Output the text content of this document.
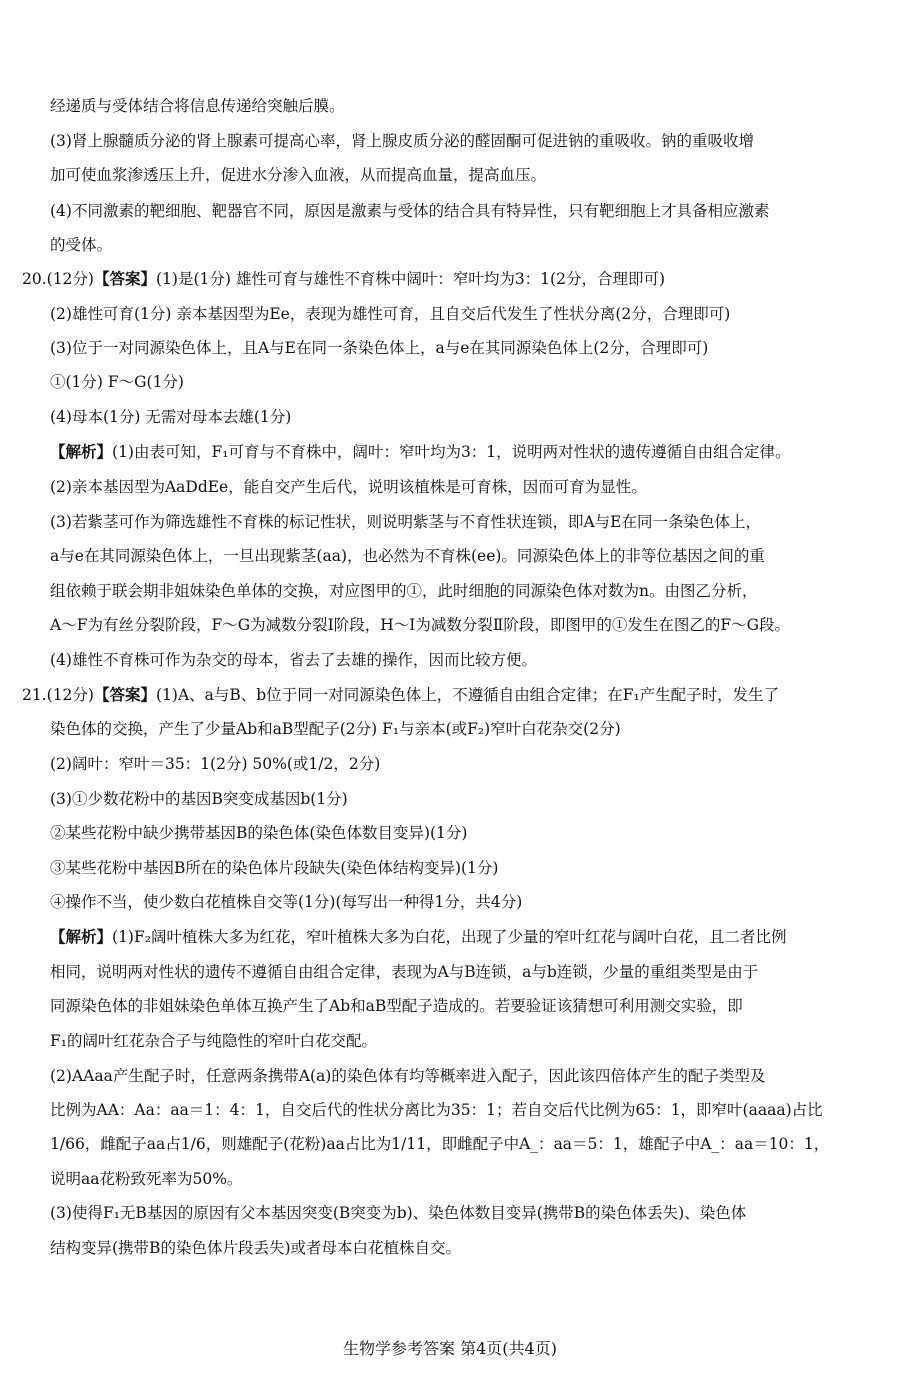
经递质与受体结合将信息传递给突触后膜。
(3)肾上腺髓质分泌的肾上腺素可提高心率，肾上腺皮质分泌的醛固酮可促进钠的重吸收。钠的重吸收增
加可使血浆渗透压上升，促进水分渗入血液，从而提高血量，提高血压。
(4)不同激素的靶细胞、靶器官不同，原因是激素与受体的结合具有特异性，只有靶细胞上才具备相应激素
的受体。
20.(12分)【答案】(1)是(1分) 雄性可育与雄性不育株中阔叶：窄叶均为3：1(2分，合理即可)
(2)雄性可育(1分) 亲本基因型为Ee，表现为雄性可育，且自交后代发生了性状分离(2分，合理即可)
(3)位于一对同源染色体上，且A与E在同一条染色体上，a与e在其同源染色体上(2分，合理即可)
①(1分) F～G(1分)
(4)母本(1分) 无需对母本去雄(1分)
【解析】(1)由表可知，F₁可育与不育株中，阔叶：窄叶均为3：1，说明两对性状的遗传遵循自由组合定律。
(2)亲本基因型为AaDdEe，能自交产生后代，说明该植株是可育株，因而可育为显性。
(3)若紫茎可作为筛选雄性不育株的标记性状，则说明紫茎与不育性状连锁，即A与E在同一条染色体上，
a与e在其同源染色体上，一旦出现紫茎(aa)，也必然为不育株(ee)。同源染色体上的非等位基因之间的重
组依赖于联会期非姐妹染色单体的交换，对应图甲的①，此时细胞的同源染色体对数为n。由图乙分析，
A～F为有丝分裂阶段，F～G为减数分裂Ⅰ阶段，H～I为减数分裂Ⅱ阶段，即图甲的①发生在图乙的F～G段。
(4)雄性不育株可作为杂交的母本，省去了去雄的操作，因而比较方便。
21.(12分)【答案】(1)A、a与B、b位于同一对同源染色体上，不遵循自由组合定律；在F₁产生配子时，发生了
染色体的交换，产生了少量Ab和aB型配子(2分) F₁与亲本(或F₂)窄叶白花杂交(2分)
(2)阔叶：窄叶＝35：1(2分) 50%(或1/2，2分)
(3)①少数花粉中的基因B突变成基因b(1分)
②某些花粉中缺少携带基因B的染色体(染色体数目变异)(1分)
③某些花粉中基因B所在的染色体片段缺失(染色体结构变异)(1分)
④操作不当，使少数白花植株自交等(1分)(每写出一种得1分，共4分)
【解析】(1)F₂阔叶植株大多为红花，窄叶植株大多为白花，出现了少量的窄叶红花与阔叶白花，且二者比例
相同，说明两对性状的遗传不遵循自由组合定律，表现为A与B连锁，a与b连锁，少量的重组类型是由于
同源染色体的非姐妹染色单体互换产生了Ab和aB型配子造成的。若要验证该猜想可利用测交实验，即
F₁的阔叶红花杂合子与纯隐性的窄叶白花交配。
(2)AAaa产生配子时，任意两条携带A(a)的染色体有均等概率进入配子，因此该四倍体产生的配子类型及
比例为AA：Aa：aa＝1：4：1，自交后代的性状分离比为35：1；若自交后代比例为65：1，即窄叶(aaaa)占比
1/66，雌配子aa占1/6，则雄配子(花粉)aa占比为1/11，即雌配子中A_：aa＝5：1，雄配子中A_：aa＝10：1，
说明aa花粉致死率为50%。
(3)使得F₁无B基因的原因有父本基因突变(B突变为b)、染色体数目变异(携带B的染色体丢失)、染色体
结构变异(携带B的染色体片段丢失)或者母本白花植株自交。
生物学参考答案 第4页(共4页)
